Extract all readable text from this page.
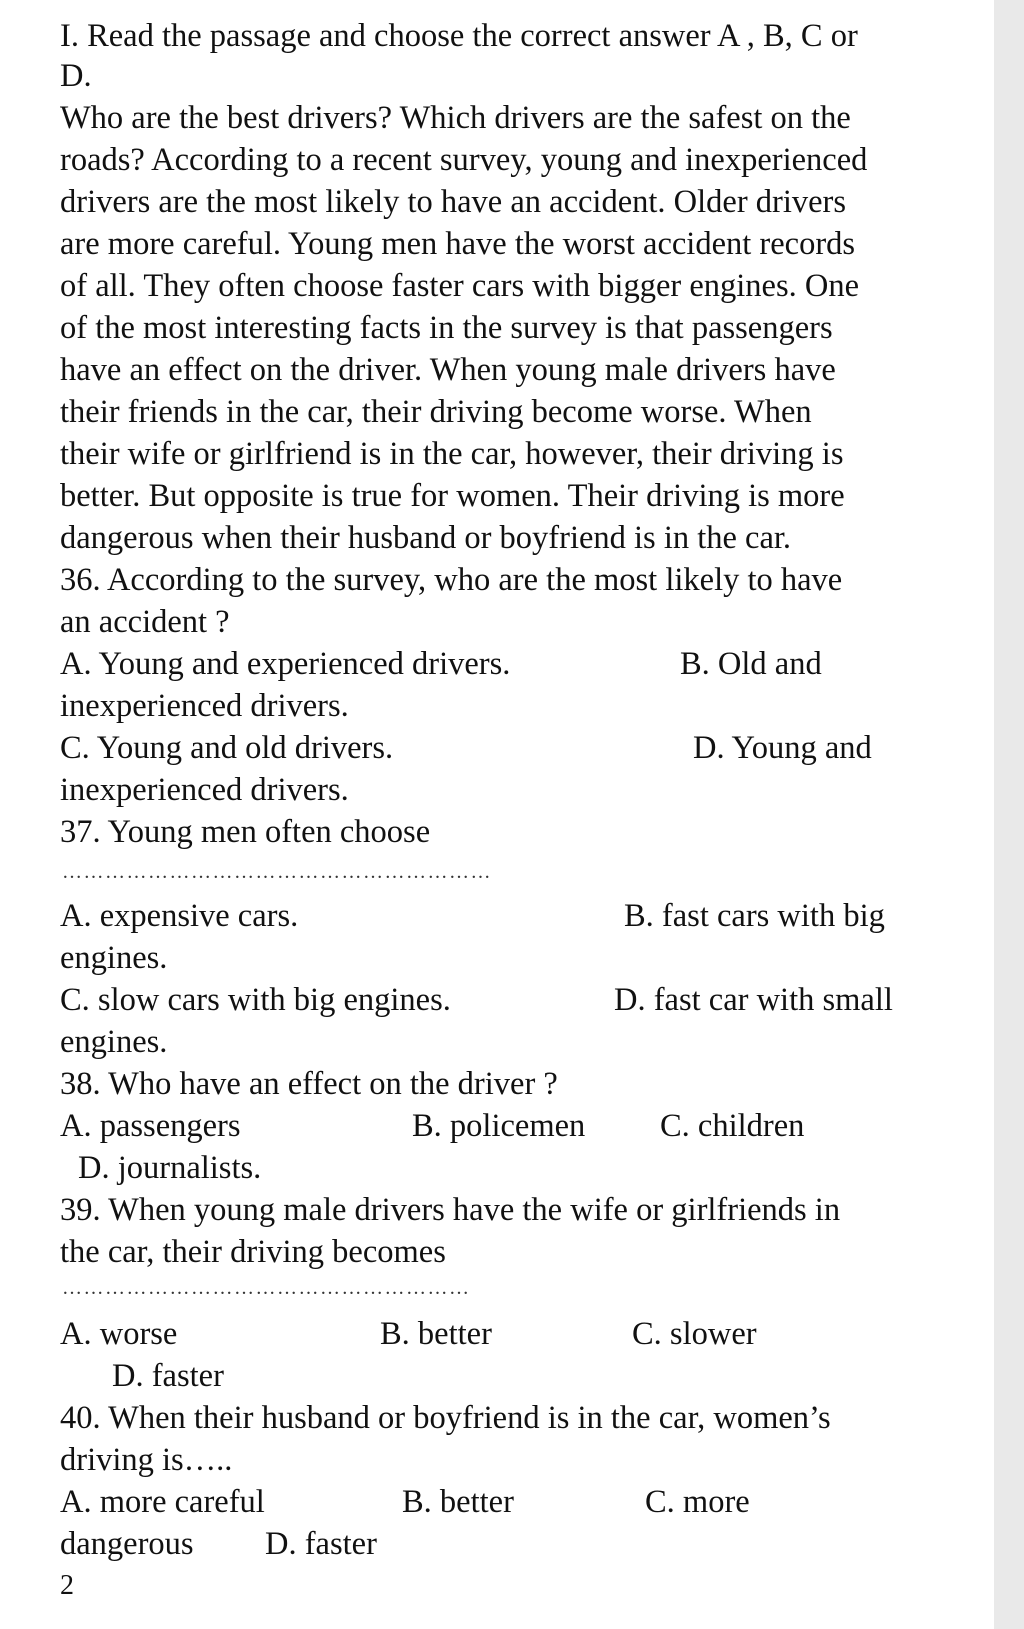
I. Read the passage and choose the correct answer A , B, C or
D.
Who are the best drivers? Which drivers are the safest on the
roads? According to a recent survey, young and inexperienced
drivers are the most likely to have an accident. Older drivers
are more careful. Young men have the worst accident records
of all. They often choose faster cars with bigger engines. One
of the most interesting facts in the survey is that passengers
have an effect on the driver. When young male drivers have
their friends in the car, their driving become worse. When
their wife or girlfriend is in the car, however, their driving is
better. But opposite is true for women. Their driving is more
dangerous when their husband or boyfriend is in the car.
36. According to the survey, who are the most likely to have
an accident ?
A. Young and experienced drivers.	B. Old and
inexperienced drivers.
C. Young and old drivers.	D. Young and
inexperienced drivers.
37. Young men often choose
……………………………………………………
A. expensive cars.	B. fast cars with big
engines.
C. slow cars with big engines.	D. fast car with small
engines.
38. Who have an effect on the driver ?
A. passengers	B. policemen C. children
D. journalists.
39. When young male drivers have the wife or girlfriends in
the car, their driving becomes
…………………………………………………
A. worse	B. better	C. slower
D. faster
40. When their husband or boyfriend is in the car, women’s
driving is…..
A. more careful	B. better	C. more
dangerous D. faster
2
